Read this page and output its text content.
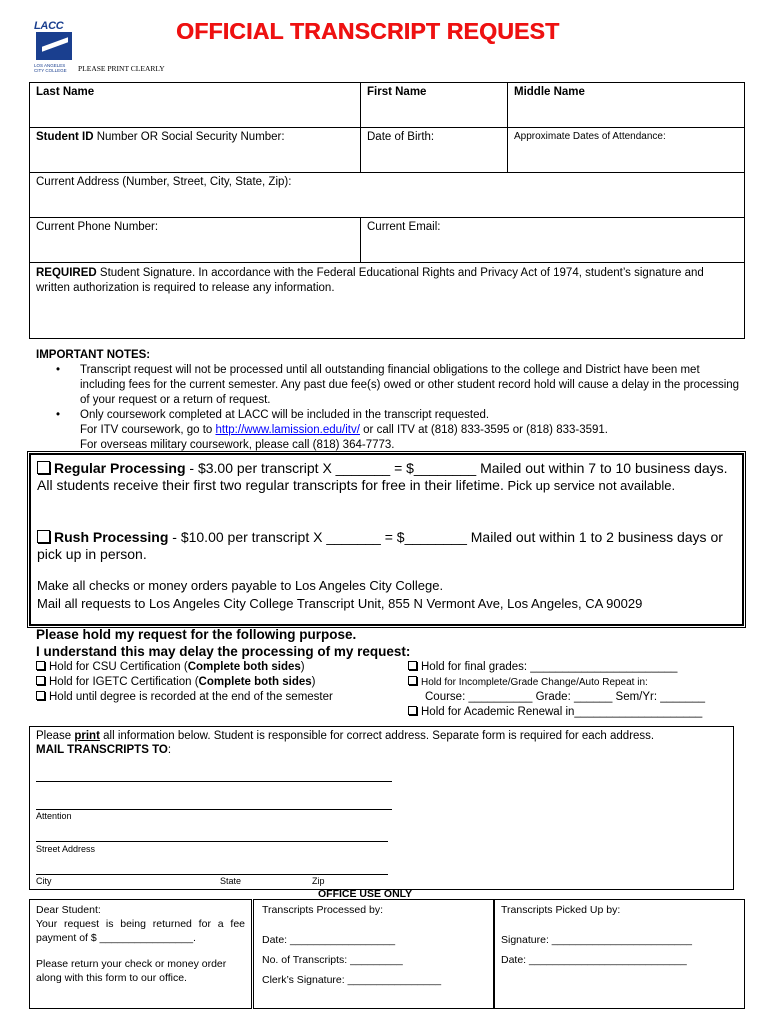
LACC
LOS ANGELES CITY COLLEGE
OFFICIAL TRANSCRIPT REQUEST
PLEASE PRINT CLEARLY
Last Name	First Name	Middle Name
Student ID Number OR Social Security Number:	Date of Birth:	Approximate Dates of Attendance:
Current Address (Number, Street, City, State, Zip):		
Current Phone Number:	Current Email:	
REQUIRED Student Signature. In accordance with the Federal Educational Rights and Privacy Act of 1974, student’s signature and written authorization is required to release any information.		
IMPORTANT NOTES:
• Transcript request will not be processed until all outstanding financial obligations to the college and District have been met including fees for the current semester. Any past due fee(s) owed or other student record hold will cause a delay in the processing of your request or a return of request.
• Only coursework completed at LACC will be included in the transcript requested.
For ITV coursework, go to http://www.lamission.edu/itv/ or call ITV at (818) 833-3595 or (818) 833-3591.
For overseas military coursework, please call (818) 364-7773.
Regular Processing - $3.00 per transcript X _______ = $________ Mailed out within 7 to 10 business days. All students receive their first two regular transcripts for free in their lifetime. Pick up service not available.
Rush Processing - $10.00 per transcript X _______ = $________ Mailed out within 1 to 2 business days or pick up in person.
Make all checks or money orders payable to Los Angeles City College.
Mail all requests to Los Angeles City College Transcript Unit, 855 N Vermont Ave, Los Angeles, CA 90029
Please hold my request for the following purpose.
I understand this may delay the processing of my request:
Hold for CSU Certification (Complete both sides)
Hold for IGETC Certification (Complete both sides)
Hold until degree is recorded at the end of the semester
Hold for final grades: _______________________
Hold for Incomplete/Grade Change/Auto Repeat in:
Course: __________ Grade: ______ Sem/Yr: _______
Hold for Academic Renewal in____________________
Please print all information below. Student is responsible for correct address. Separate form is required for each address.
MAIL TRANSCRIPTS TO:
Attention
Street Address
City	State	Zip
OFFICE USE ONLY
Dear Student:
Your request is being returned for a fee payment of $ ________________.
Please return your check or money order along with this form to our office.
Transcripts Processed by:
Date: __________________
No. of Transcripts: _________
Clerk’s Signature: ________________
Transcripts Picked Up by:
Signature: ________________________
Date: ___________________________
